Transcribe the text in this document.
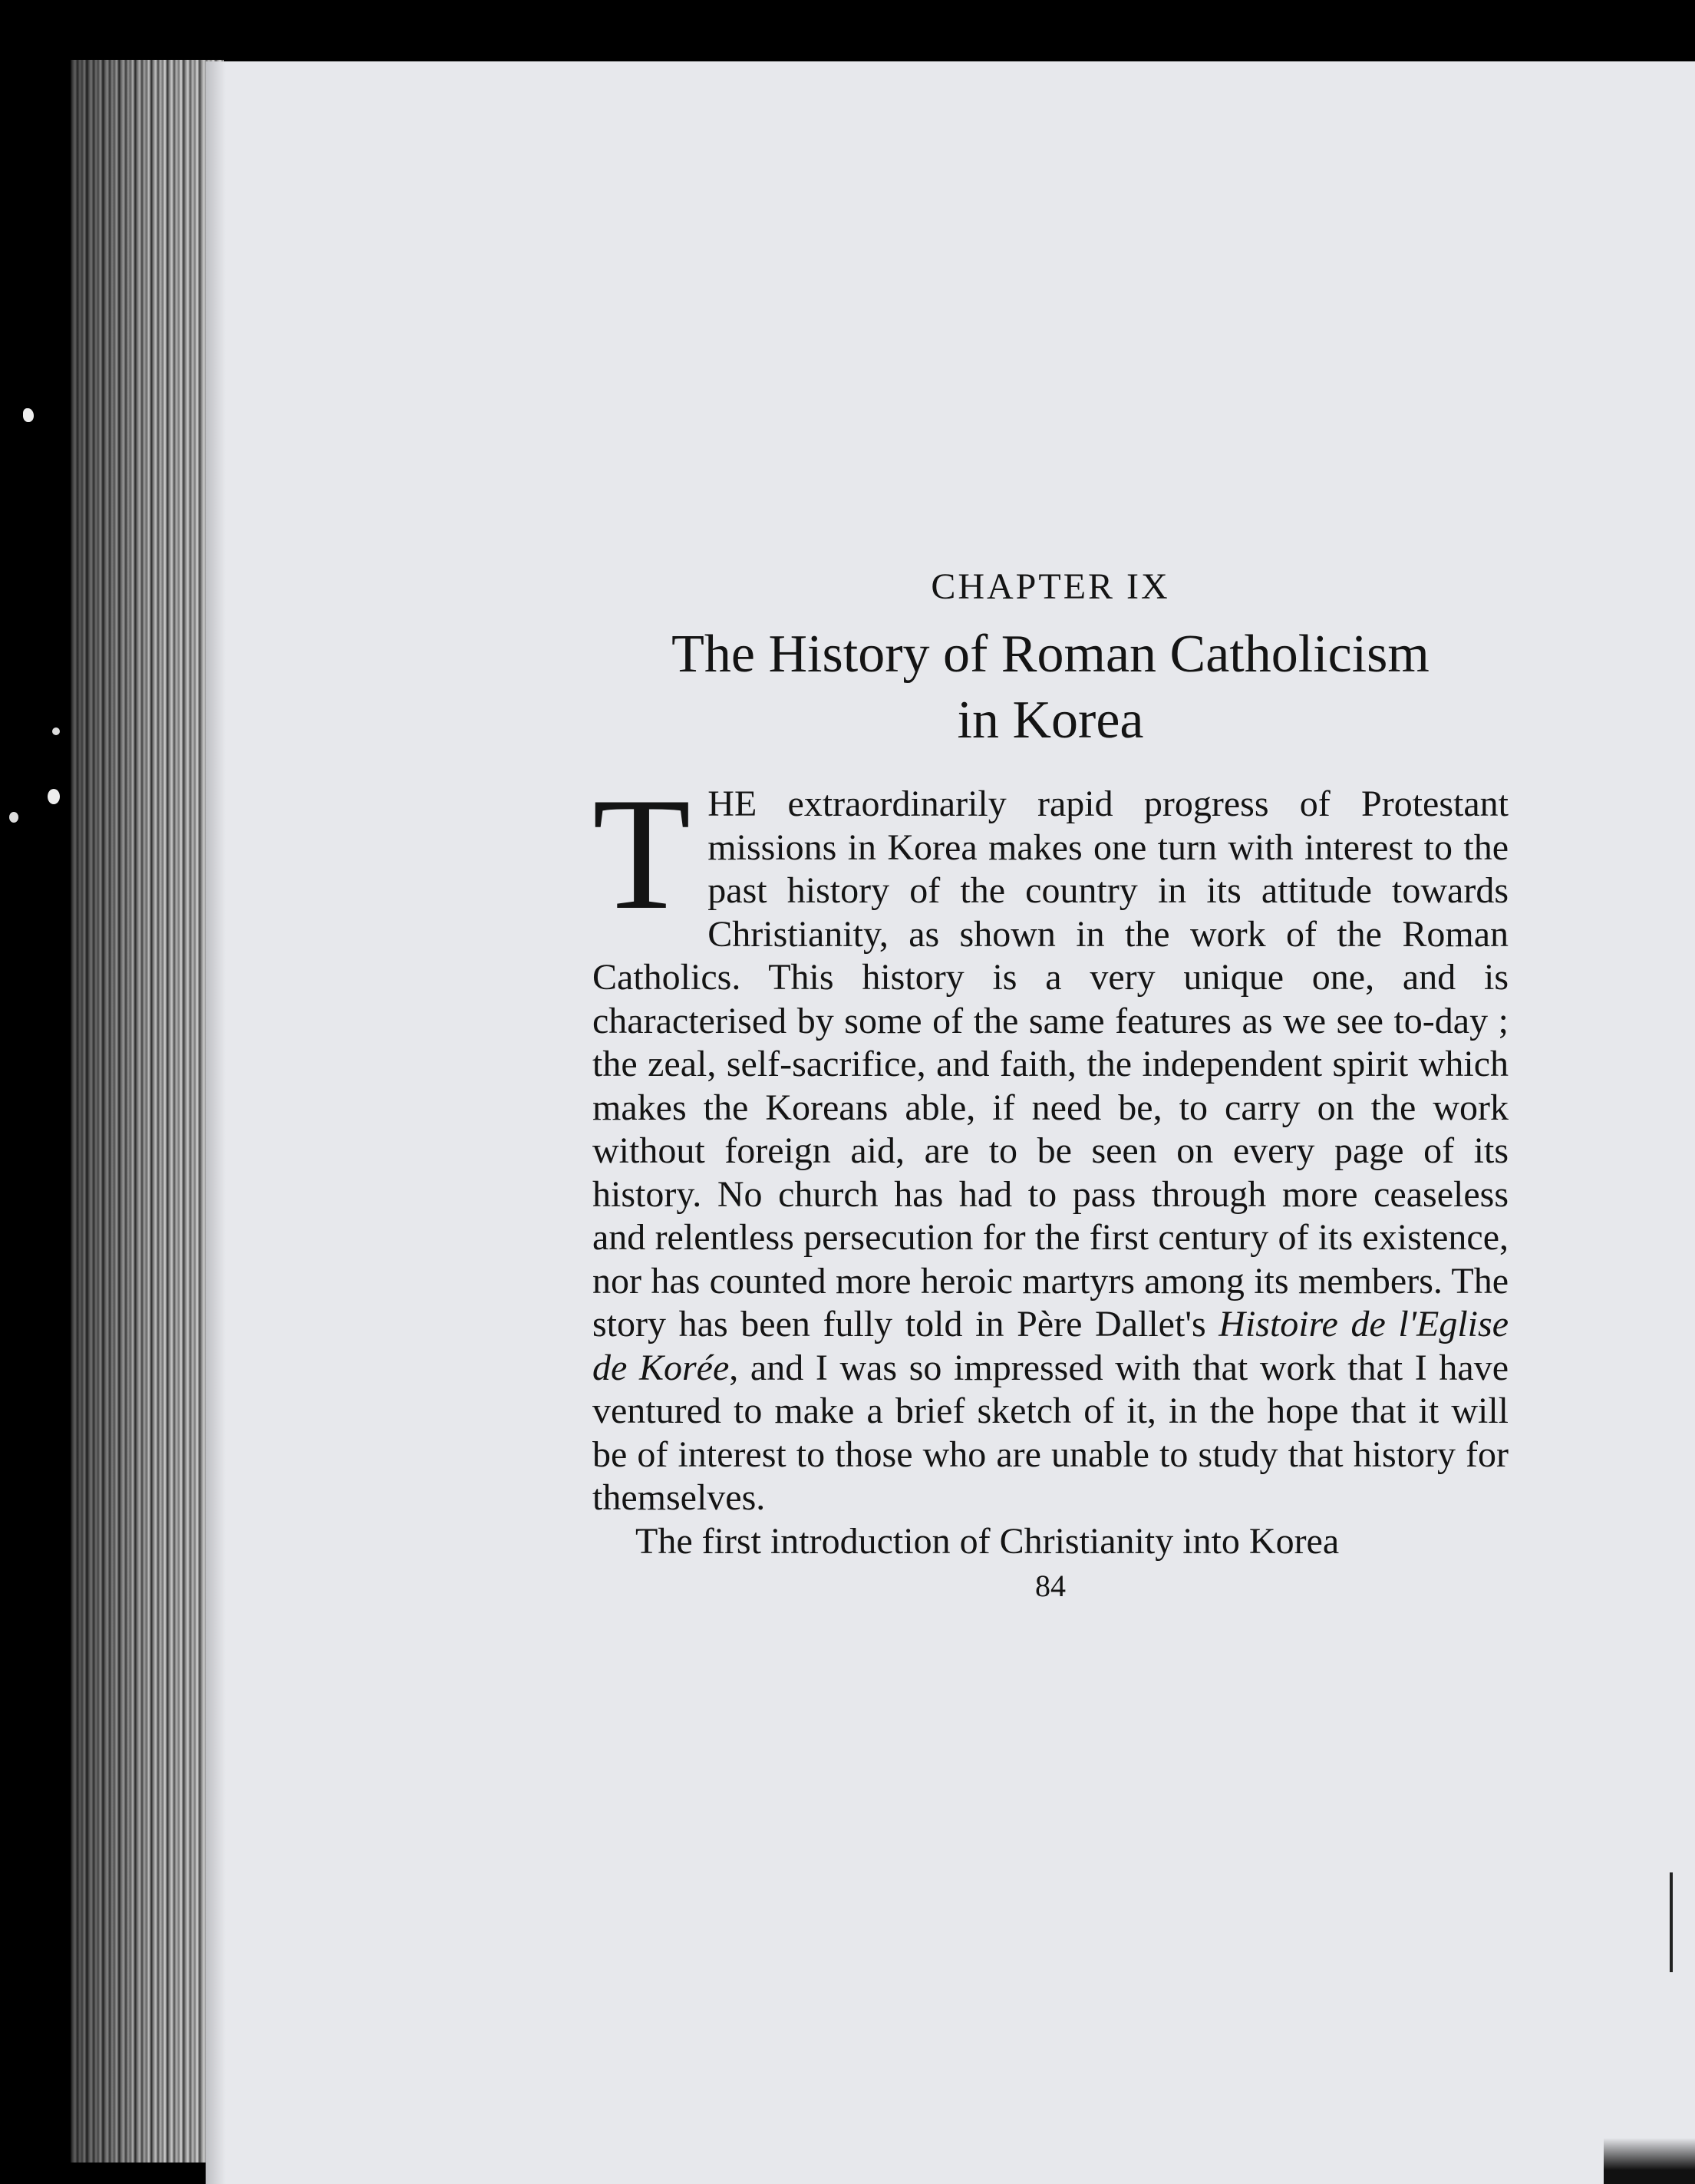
CHAPTER IX

The History of Roman Catholicism
in Korea

THE extraordinarily rapid progress of Protestant missions in Korea makes one turn with interest to the past history of the country in its attitude towards Christianity, as shown in the work of the Roman Catholics. This history is a very unique one, and is characterised by some of the same features as we see to-day ; the zeal, self-sacrifice, and faith, the independent spirit which makes the Koreans able, if need be, to carry on the work without foreign aid, are to be seen on every page of its history. No church has had to pass through more ceaseless and relentless persecution for the first century of its existence, nor has counted more heroic martyrs among its members. The story has been fully told in Père Dallet's Histoire de l'Eglise de Korée, and I was so impressed with that work that I have ventured to make a brief sketch of it, in the hope that it will be of interest to those who are unable to study that history for themselves.

The first introduction of Christianity into Korea

84
